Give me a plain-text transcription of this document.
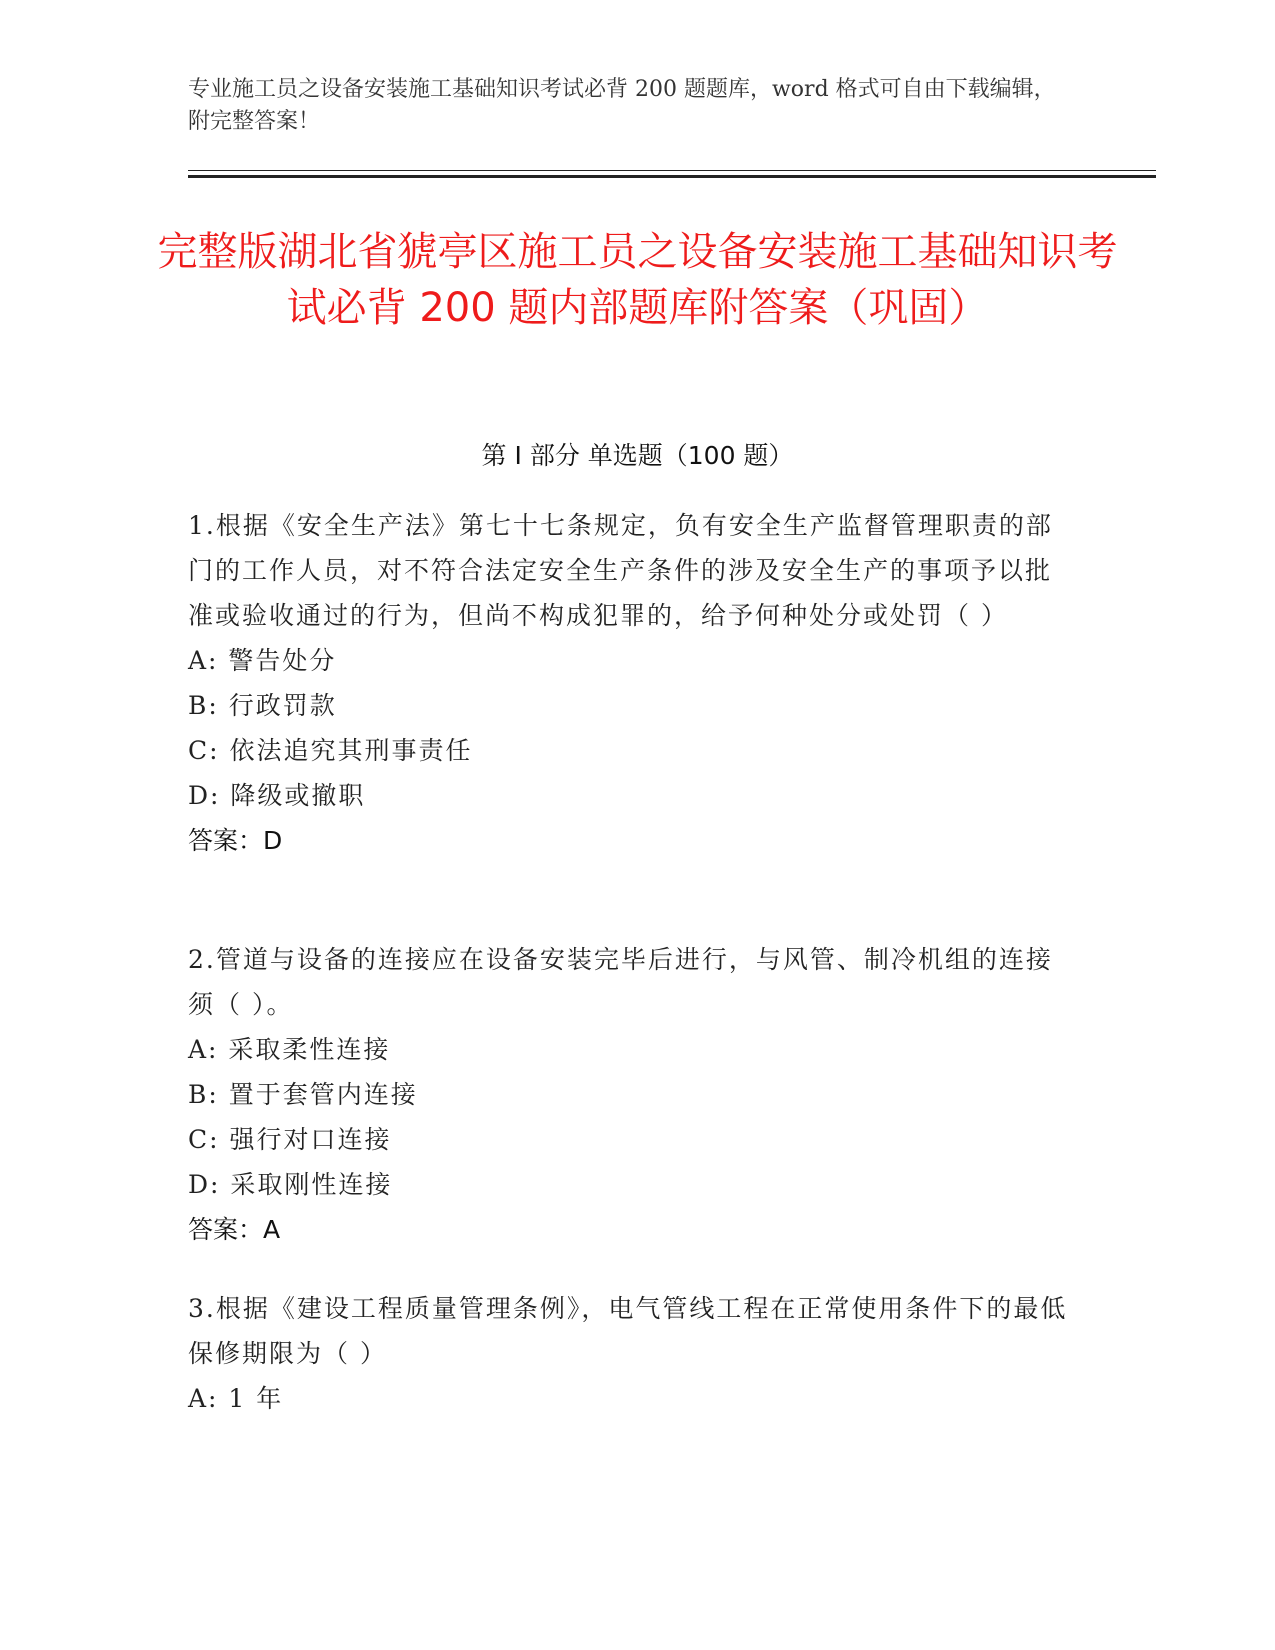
专业施工员之设备安装施工基础知识考试必背 200 题题库，word 格式可自由下载编辑，附完整答案！
完整版湖北省猇亭区施工员之设备安装施工基础知识考试必背 200 题内部题库附答案（巩固）
第 I 部分 单选题（100 题）
1.根据《安全生产法》第七十七条规定，负有安全生产监督管理职责的部门的工作人员，对不符合法定安全生产条件的涉及安全生产的事项予以批准或验收通过的行为，但尚不构成犯罪的，给予何种处分或处罚（ ）
A: 警告处分
B: 行政罚款
C: 依法追究其刑事责任
D: 降级或撤职
答案：D
2.管道与设备的连接应在设备安装完毕后进行，与风管、制冷机组的连接须（ ）。
A: 采取柔性连接
B: 置于套管内连接
C: 强行对口连接
D: 采取刚性连接
答案：A
3.根据《建设工程质量管理条例》，电气管线工程在正常使用条件下的最低保修期限为（ ）
A: 1 年
